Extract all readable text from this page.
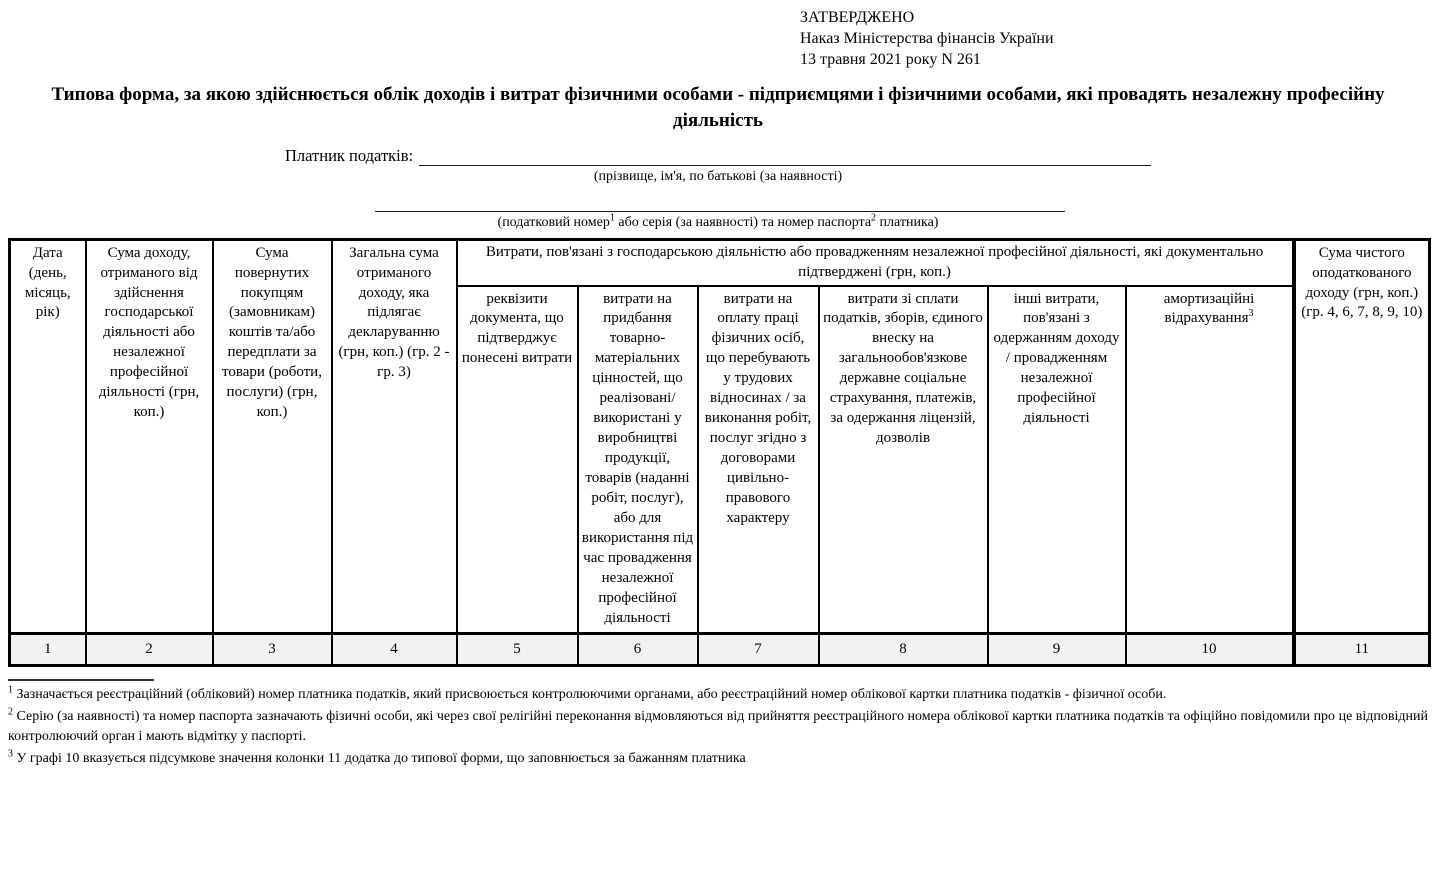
ЗАТВЕРДЖЕНО
Наказ Міністерства фінансів України
13 травня 2021 року N 261
Типова форма, за якою здійснюється облік доходів і витрат фізичними особами - підприємцями і фізичними особами, які провадять незалежну професійну діяльність
Платник податків:
(прізвище, ім'я, по батькові (за наявності)
(податковий номер$^1$ або серія (за наявності) та номер паспорта$^2$ платника)
Дата (день, місяць, рік)	Сума доходу, отриманого від здійснення господарської діяльності або незалежної професійної діяльності (грн, коп.)	Сума повернутих покупцям (замовникам) коштів та/або передплати за товари (роботи, послуги) (грн, коп.)	Загальна сума отриманого доходу, яка підлягає декларуванню (грн, коп.) (гр. 2 - гр. 3)	Витрати, пов'язані з господарською діяльністю або провадженням незалежної професійної діяльності, які документально підтверджені (грн, коп.)						Сума чистого оподаткованого доходу (грн, коп.) (гр. 4, 6, 7, 8, 9, 10)
				реквізити документа, що підтверджує понесені витрати	витрати на придбання товарно-матеріальних цінностей, що реалізовані/ використані у виробництві продукції, товарів (наданні робіт, послуг), або для використання під час провадження незалежної професійної діяльності	витрати на оплату праці фізичних осіб, що перебувають у трудових відносинах / за виконання робіт, послуг згідно з договорами цивільно-правового характеру	витрати зі сплати податків, зборів, єдиного внеску на загальнообов'язкове державне соціальне страхування, платежів, за одержання ліцензій, дозволів	інші витрати, пов'язані з одержанням доходу / провадженням незалежної професійної діяльності	амортизаційні відрахування$^3$
1	2	3	4	5	6	7	8	9	10	11

$^1$ Зазначається реєстраційний (обліковий) номер платника податків, який присвоюється контролюючими органами, або реєстраційний номер облікової картки платника податків - фізичної особи.

$^2$ Серію (за наявності) та номер паспорта зазначають фізичні особи, які через свої релігійні переконання відмовляються від прийняття реєстраційного номера облікової картки платника податків та офіційно повідомили про це відповідний контролюючий орган і мають відмітку у паспорті.

$^3$ У графі 10 вказується підсумкове значення колонки 11 додатка до типової форми, що заповнюється за бажанням платника
